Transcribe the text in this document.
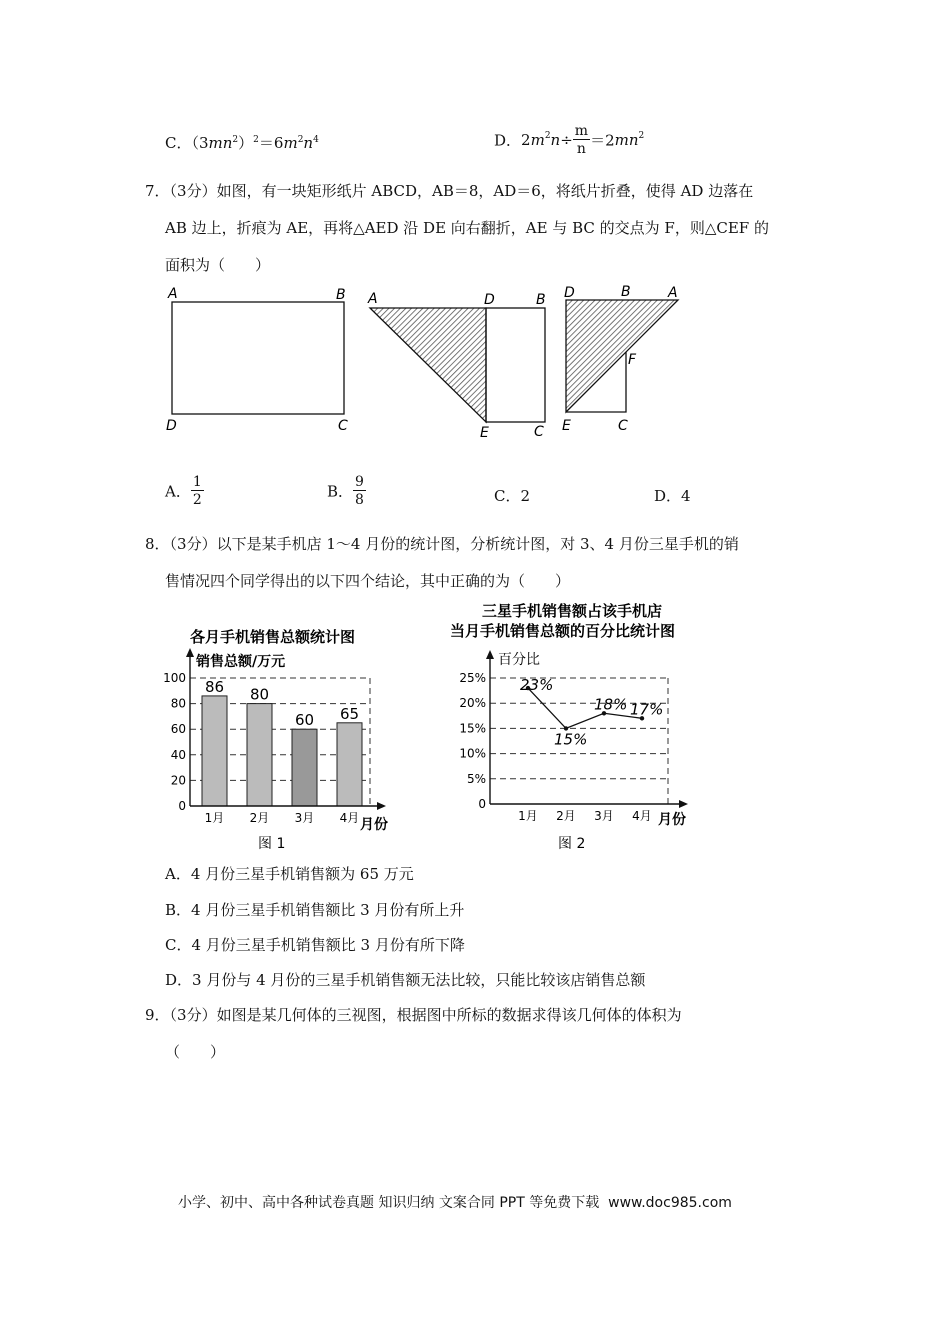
C．$(3mn^2)^2=6m^2n^4$	D．$2m^2n\div \frac{m}{n} =2mn^2$
7．（3分）如图，有一块矩形纸片 ABCD，AB＝8，AD＝6，将纸片折叠，使得 AD 边落在
AB 边上，折痕为 AE，再将△AED 沿 DE 向右翻折，AE 与 BC 的交点为 F，则△CEF 的
面积为（　　）
A	B
D	C
A	D	B
E	C
D	B	A
F
E	C
A． $\frac{1}{2}$	B． $\frac{9}{8}$	C．2	D．4
8．（3分）以下是某手机店 1～4 月份的统计图，分析统计图，对 3、4 月份三星手机的销
售情况四个同学得出的以下四个结论，其中正确的为（　　）
各月手机销售总额统计图
销售总额/万元
0
20
40
60
80
100 86
1月
80
2月
60
3月
65
4月 月份
图 1
三星手机销售额占该手机店
当月手机销售总额的百分比统计图
百分比
0
5%
10%
15%
20%
25% 23%
1月
15%
2月
18%
3月
17%
4月 月份
图 2
A．4 月份三星手机销售额为 65 万元
B．4 月份三星手机销售额比 3 月份有所上升
C．4 月份三星手机销售额比 3 月份有所下降
D．3 月份与 4 月份的三星手机销售额无法比较，只能比较该店销售总额
9．（3分）如图是某几何体的三视图，根据图中所标的数据求得该几何体的体积为
（　　）
小学、初中、高中各种试卷真题 知识归纳 文案合同 PPT 等免费下载 www.doc985.com
